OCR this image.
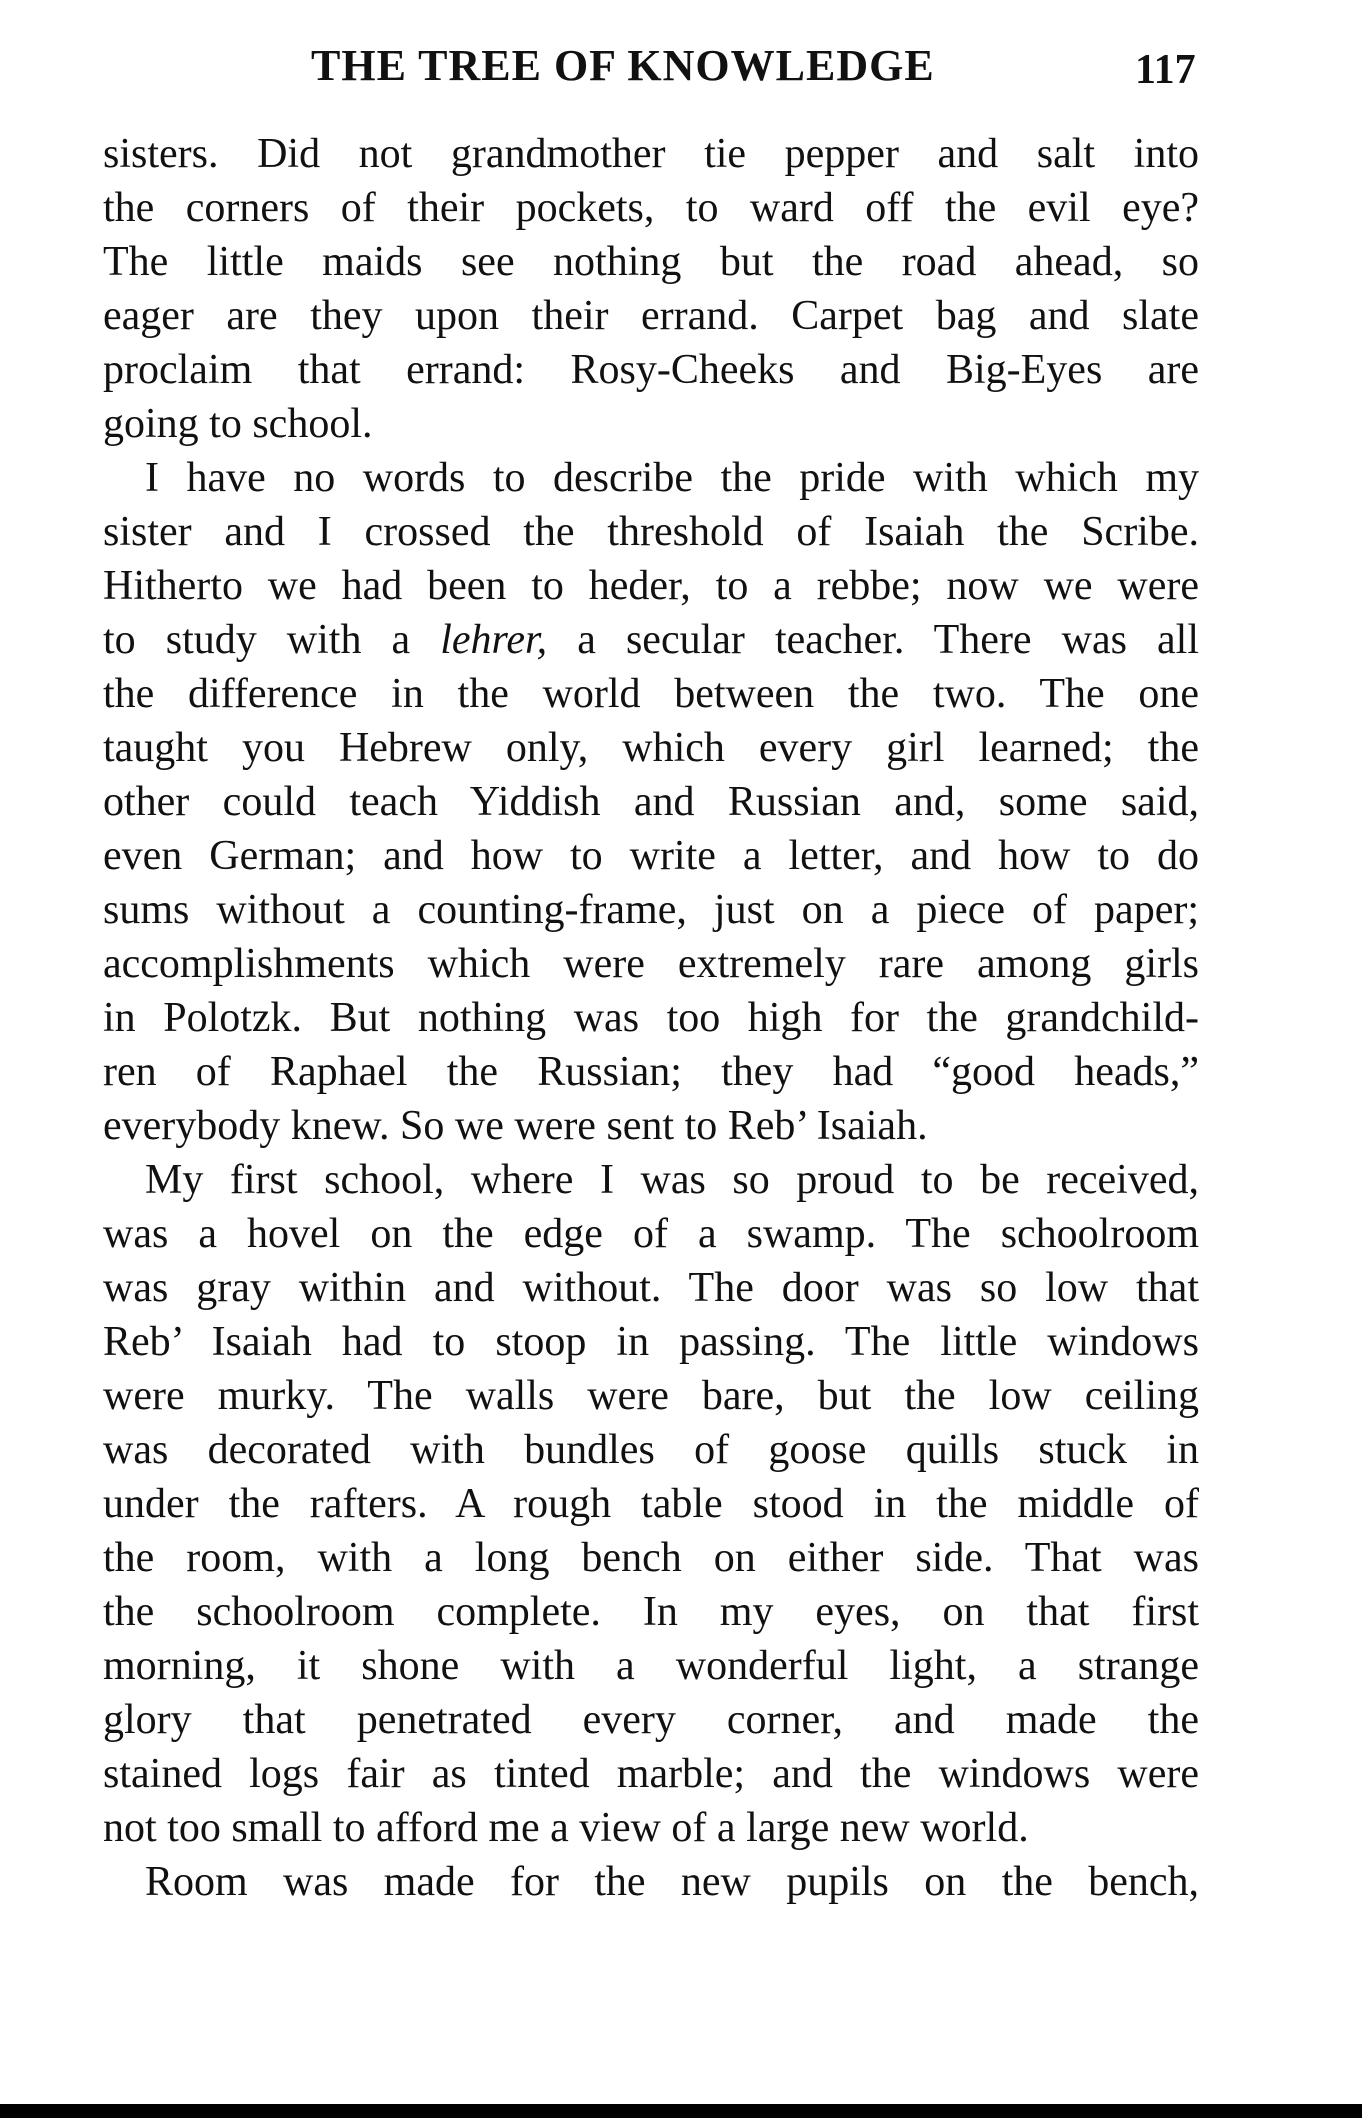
THE TREE OF KNOWLEDGE	117
sisters. Did not grandmother tie pepper and salt into
the corners of their pockets, to ward off the evil eye?
The little maids see nothing but the road ahead, so
eager are they upon their errand. Carpet bag and slate
proclaim that errand: Rosy-Cheeks and Big-Eyes are
going to school.
I have no words to describe the pride with which my
sister and I crossed the threshold of Isaiah the Scribe.
Hitherto we had been to heder, to a rebbe; now we were
to study with a lehrer, a secular teacher. There was all
the difference in the world between the two. The one
taught you Hebrew only, which every girl learned; the
other could teach Yiddish and Russian and, some said,
even German; and how to write a letter, and how to do
sums without a counting-frame, just on a piece of paper;
accomplishments which were extremely rare among girls
in Polotzk. But nothing was too high for the grandchild-
ren of Raphael the Russian; they had “good heads,”
everybody knew. So we were sent to Reb’ Isaiah.
My first school, where I was so proud to be received,
was a hovel on the edge of a swamp. The schoolroom
was gray within and without. The door was so low that
Reb’ Isaiah had to stoop in passing. The little windows
were murky. The walls were bare, but the low ceiling
was decorated with bundles of goose quills stuck in
under the rafters. A rough table stood in the middle of
the room, with a long bench on either side. That was
the schoolroom complete. In my eyes, on that first
morning, it shone with a wonderful light, a strange
glory that penetrated every corner, and made the
stained logs fair as tinted marble; and the windows were
not too small to afford me a view of a large new world.
Room was made for the new pupils on the bench,
